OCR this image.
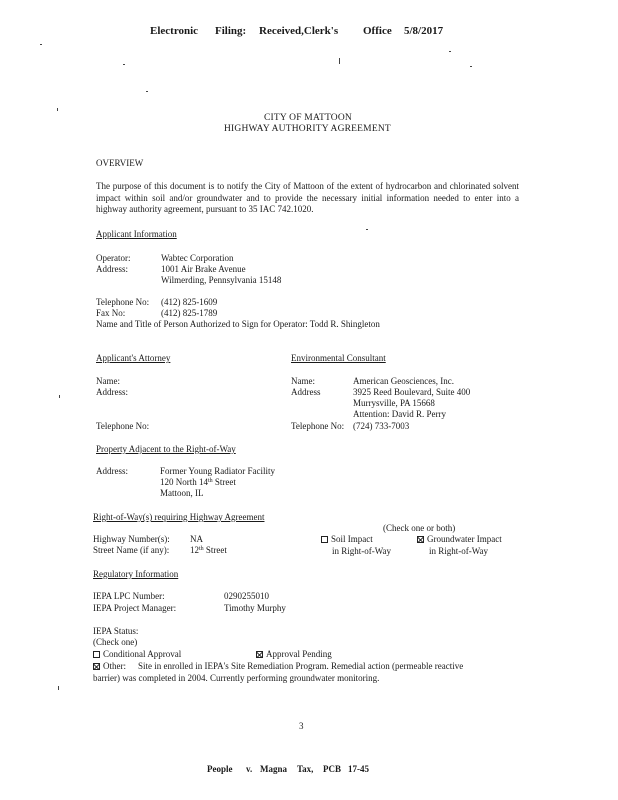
Electronic Filing: Received,Clerk's Office 5/8/2017
CITY OF MATTOON
HIGHWAY AUTHORITY AGREEMENT
OVERVIEW
The purpose of this document is to notify the City of Mattoon of the extent of hydrocarbon and chlorinated solvent impact within soil and/or groundwater and to provide the necessary initial information needed to enter into a highway authority agreement, pursuant to 35 IAC 742.1020.
Applicant Information
Operator:	Wabtec Corporation
Address:	1001 Air Brake Avenue
Wilmerding, Pennsylvania 15148
Telephone No: (412) 825-1609
Fax No:	(412) 825-1789
Name and Title of Person Authorized to Sign for Operator: Todd R. Shingleton
Applicant's Attorney	Environmental Consultant
Name:
Address:
Telephone No:
Name:	American Geosciences, Inc.
Address	3925 Reed Boulevard, Suite 400
Murrysville, PA 15668
Attention: David R. Perry
Telephone No: (724) 733-7003
Property Adjacent to the Right-of-Way
Address:	Former Young Radiator Facility
120 North 14th Street
Mattoon, IL
Right-of-Way(s) requiring Highway Agreement
(Check one or both)
Highway Number(s): NA
Street Name (if any): 12th Street
Soil Impact
in Right-of-Way
Groundwater Impact
in Right-of-Way
Regulatory Information
IEPA LPC Number:	0290255010
IEPA Project Manager:	Timothy Murphy
IEPA Status:
(Check one)
Conditional Approval	Approval Pending
Other: Site in enrolled in IEPA's Site Remediation Program. Remedial action (permeable reactive
barrier) was completed in 2004. Currently performing groundwater monitoring.
3
People v. Magna Tax, PCB 17-45
